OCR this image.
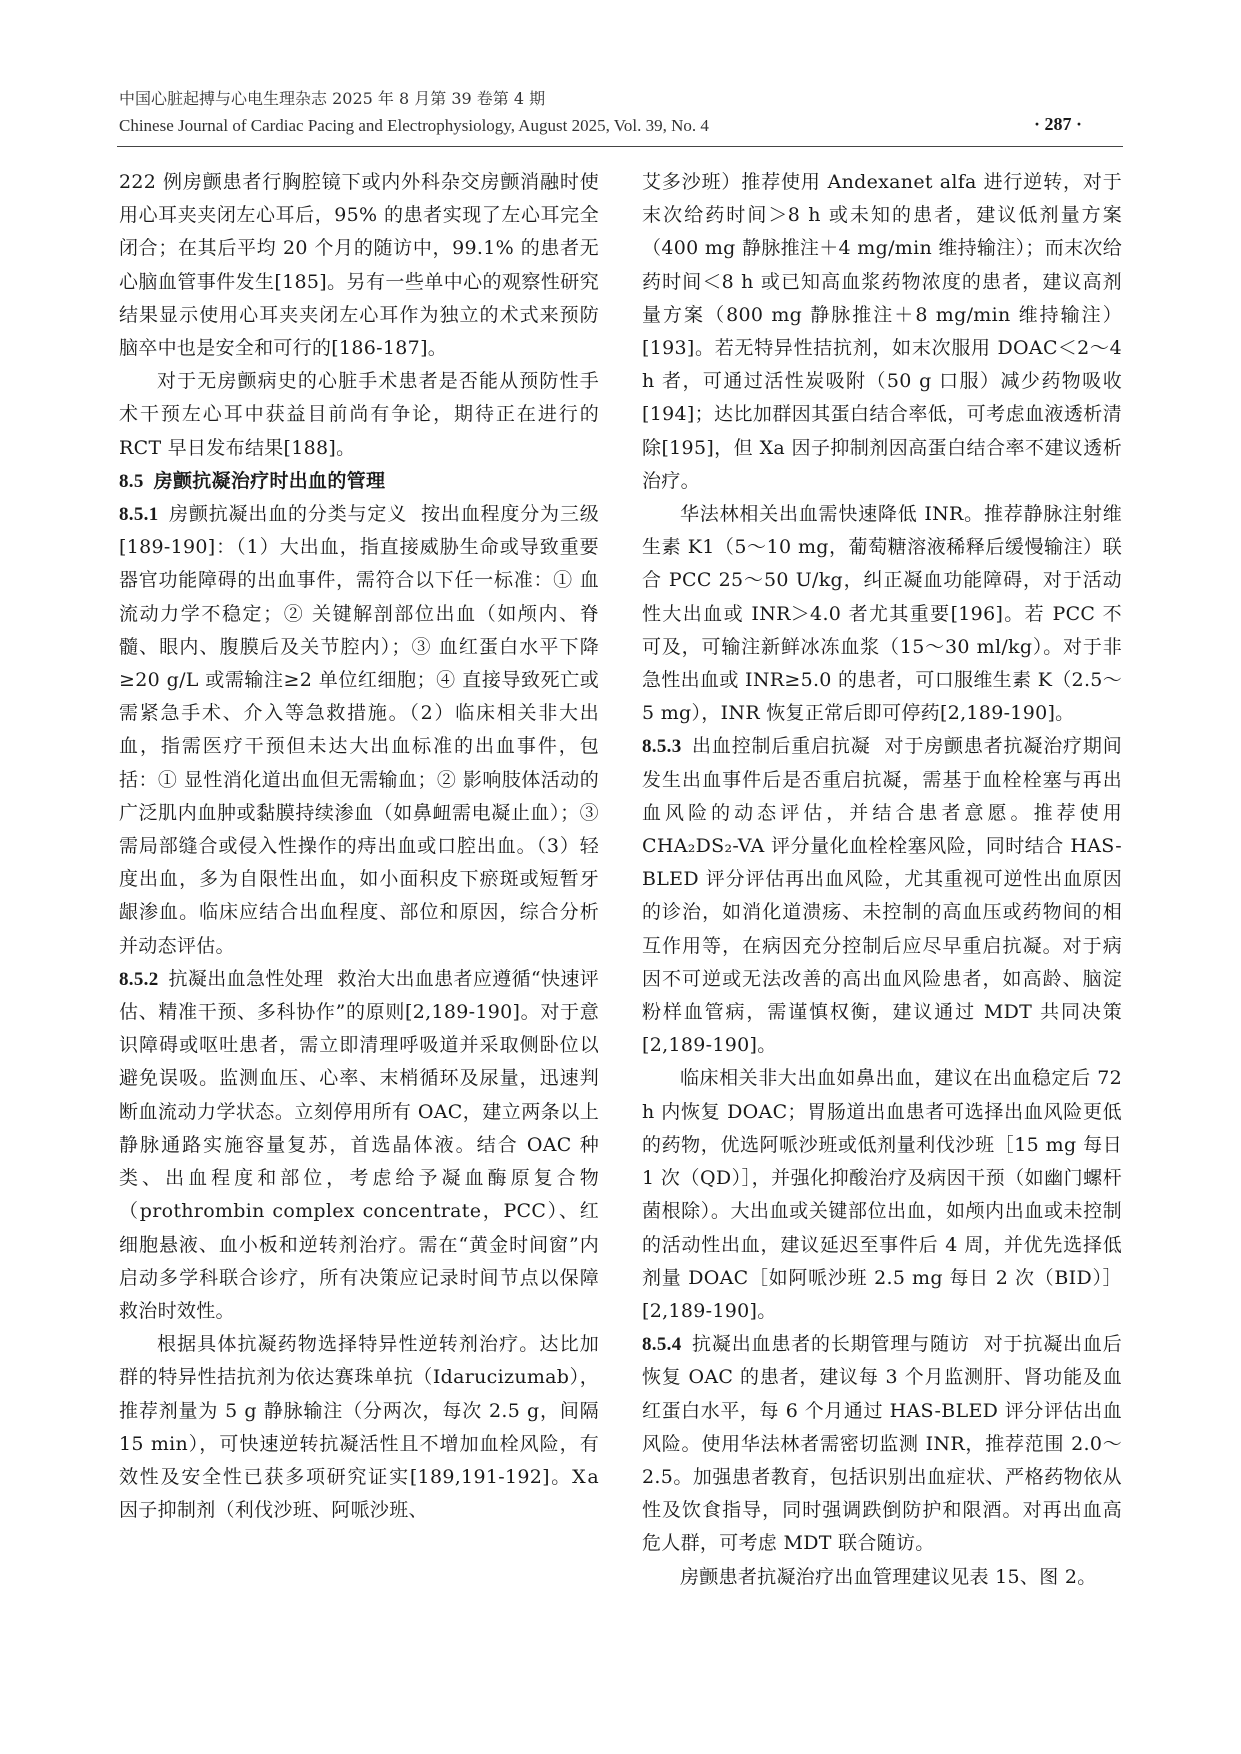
中国心脏起搏与心电生理杂志 2025 年 8 月第 39 卷第 4 期
Chinese Journal of Cardiac Pacing and Electrophysiology, August 2025, Vol. 39, No. 4	· 287 ·

222 例房颤患者行胸腔镜下或内外科杂交房颤消融时使用心耳夹夹闭左心耳后，95% 的患者实现了左心耳完全闭合；在其后平均 20 个月的随访中，99.1% 的患者无心脑血管事件发生[185]。另有一些单中心的观察性研究结果显示使用心耳夹夹闭左心耳作为独立的术式来预防脑卒中也是安全和可行的[186-187]。

对于无房颤病史的心脏手术患者是否能从预防性手术干预左心耳中获益目前尚有争论，期待正在进行的 RCT 早日发布结果[188]。

8.5 房颤抗凝治疗时出血的管理

8.5.1 房颤抗凝出血的分类与定义 按出血程度分为三级[189-190]：（1）大出血，指直接威胁生命或导致重要器官功能障碍的出血事件，需符合以下任一标准：① 血流动力学不稳定；② 关键解剖部位出血（如颅内、脊髓、眼内、腹膜后及关节腔内）；③ 血红蛋白水平下降≥20 g/L 或需输注≥2 单位红细胞；④ 直接导致死亡或需紧急手术、介入等急救措施。（2）临床相关非大出血，指需医疗干预但未达大出血标准的出血事件，包括：① 显性消化道出血但无需输血；② 影响肢体活动的广泛肌内血肿或黏膜持续渗血（如鼻衄需电凝止血）；③ 需局部缝合或侵入性操作的痔出血或口腔出血。（3）轻度出血，多为自限性出血，如小面积皮下瘀斑或短暂牙龈渗血。临床应结合出血程度、部位和原因，综合分析并动态评估。

8.5.2 抗凝出血急性处理 救治大出血患者应遵循“快速评估、精准干预、多科协作”的原则[2,189-190]。对于意识障碍或呕吐患者，需立即清理呼吸道并采取侧卧位以避免误吸。监测血压、心率、末梢循环及尿量，迅速判断血流动力学状态。立刻停用所有 OAC，建立两条以上静脉通路实施容量复苏，首选晶体液。结合 OAC 种类、出血程度和部位，考虑给予凝血酶原复合物（prothrombin complex concentrate，PCC）、红细胞悬液、血小板和逆转剂治疗。需在“黄金时间窗”内启动多学科联合诊疗，所有决策应记录时间节点以保障救治时效性。

根据具体抗凝药物选择特异性逆转剂治疗。达比加群的特异性拮抗剂为依达赛珠单抗（Idarucizumab），推荐剂量为 5 g 静脉输注（分两次，每次 2.5 g，间隔 15 min），可快速逆转抗凝活性且不增加血栓风险，有效性及安全性已获多项研究证实[189,191-192]。Ⅹa 因子抑制剂（利伐沙班、阿哌沙班、

艾多沙班）推荐使用 Andexanet alfa 进行逆转，对于末次给药时间＞8 h 或未知的患者，建议低剂量方案（400 mg 静脉推注＋4 mg/min 维持输注）；而末次给药时间＜8 h 或已知高血浆药物浓度的患者，建议高剂量方案（800 mg 静脉推注＋8 mg/min 维持输注）[193]。若无特异性拮抗剂，如末次服用 DOAC＜2～4 h 者，可通过活性炭吸附（50 g 口服）减少药物吸收[194]；达比加群因其蛋白结合率低，可考虑血液透析清除[195]，但 Xa 因子抑制剂因高蛋白结合率不建议透析治疗。

华法林相关出血需快速降低 INR。推荐静脉注射维生素 K1（5～10 mg，葡萄糖溶液稀释后缓慢输注）联合 PCC 25～50 U/kg，纠正凝血功能障碍，对于活动性大出血或 INR＞4.0 者尤其重要[196]。若 PCC 不可及，可输注新鲜冰冻血浆（15～30 ml/kg）。对于非急性出血或 INR≥5.0 的患者，可口服维生素 K（2.5～5 mg），INR 恢复正常后即可停药[2,189-190]。

8.5.3 出血控制后重启抗凝 对于房颤患者抗凝治疗期间发生出血事件后是否重启抗凝，需基于血栓栓塞与再出血风险的动态评估，并结合患者意愿。推荐使用 CHA₂DS₂-VA 评分量化血栓栓塞风险，同时结合 HAS-BLED 评分评估再出血风险，尤其重视可逆性出血原因的诊治，如消化道溃疡、未控制的高血压或药物间的相互作用等，在病因充分控制后应尽早重启抗凝。对于病因不可逆或无法改善的高出血风险患者，如高龄、脑淀粉样血管病，需谨慎权衡，建议通过 MDT 共同决策[2,189-190]。

临床相关非大出血如鼻出血，建议在出血稳定后 72 h 内恢复 DOAC；胃肠道出血患者可选择出血风险更低的药物，优选阿哌沙班或低剂量利伐沙班［15 mg 每日 1 次（QD）］，并强化抑酸治疗及病因干预（如幽门螺杆菌根除）。大出血或关键部位出血，如颅内出血或未控制的活动性出血，建议延迟至事件后 4 周，并优先选择低剂量 DOAC［如阿哌沙班 2.5 mg 每日 2 次（BID）］[2,189-190]。

8.5.4 抗凝出血患者的长期管理与随访 对于抗凝出血后恢复 OAC 的患者，建议每 3 个月监测肝、肾功能及血红蛋白水平，每 6 个月通过 HAS-BLED 评分评估出血风险。使用华法林者需密切监测 INR，推荐范围 2.0～2.5。加强患者教育，包括识别出血症状、严格药物依从性及饮食指导，同时强调跌倒防护和限酒。对再出血高危人群，可考虑 MDT 联合随访。

房颤患者抗凝治疗出血管理建议见表 15、图 2。
